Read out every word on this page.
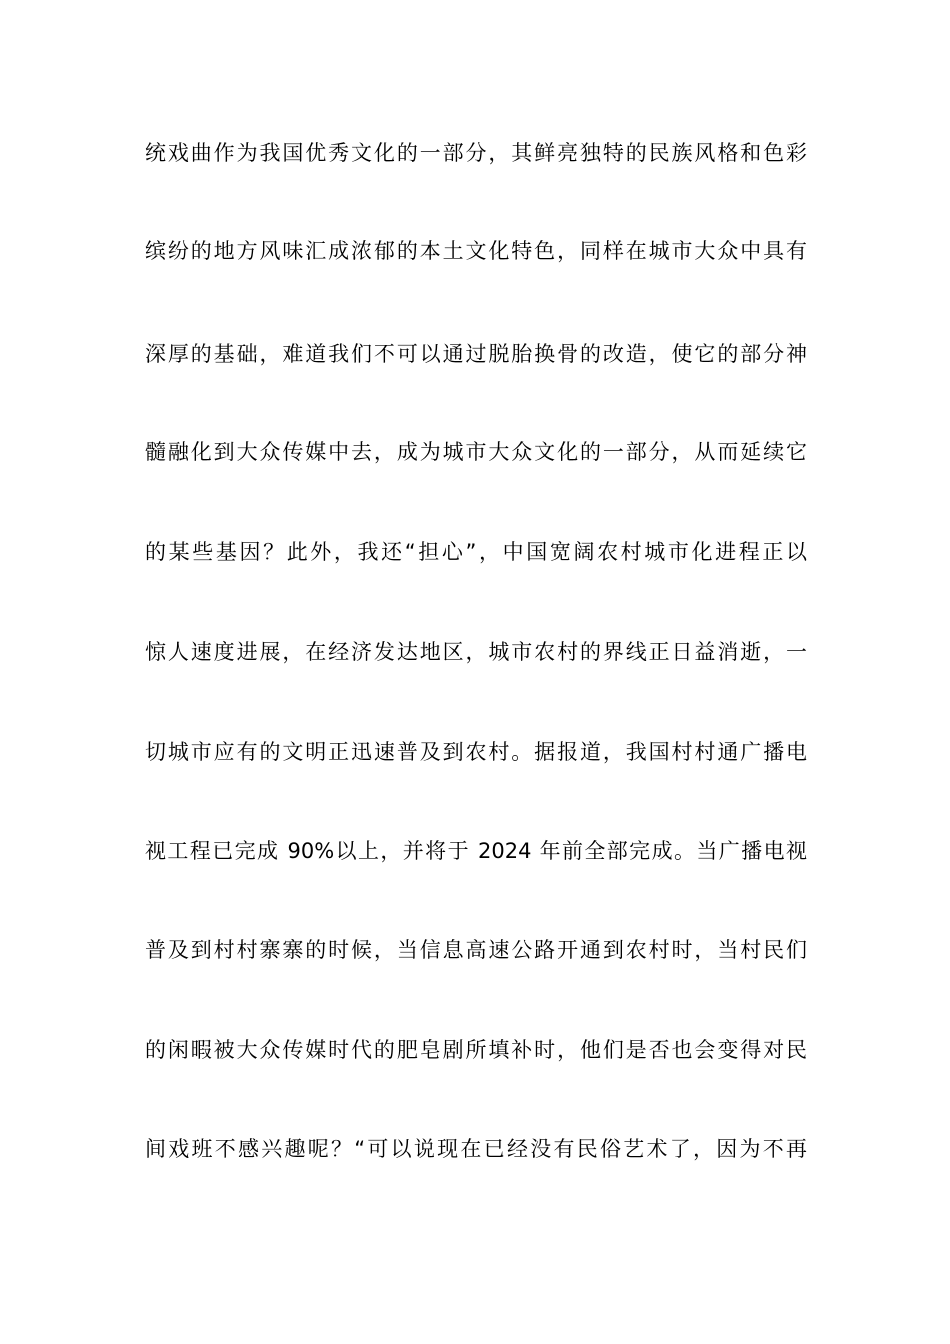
统戏曲作为我国优秀文化的一部分，其鲜亮独特的民族风格和色彩
缤纷的地方风味汇成浓郁的本土文化特色，同样在城市大众中具有
深厚的基础，难道我们不可以通过脱胎换骨的改造，使它的部分神
髓融化到大众传媒中去，成为城市大众文化的一部分，从而延续它
的某些基因？此外，我还“担心”，中国宽阔农村城市化进程正以
惊人速度进展，在经济发达地区，城市农村的界线正日益消逝，一
切城市应有的文明正迅速普及到农村。据报道，我国村村通广播电
视工程已完成 90%以上，并将于 2024 年前全部完成。当广播电视
普及到村村寨寨的时候，当信息高速公路开通到农村时，当村民们
的闲暇被大众传媒时代的肥皂剧所填补时，他们是否也会变得对民
间戏班不感兴趣呢？“可以说现在已经没有民俗艺术了，因为不再
